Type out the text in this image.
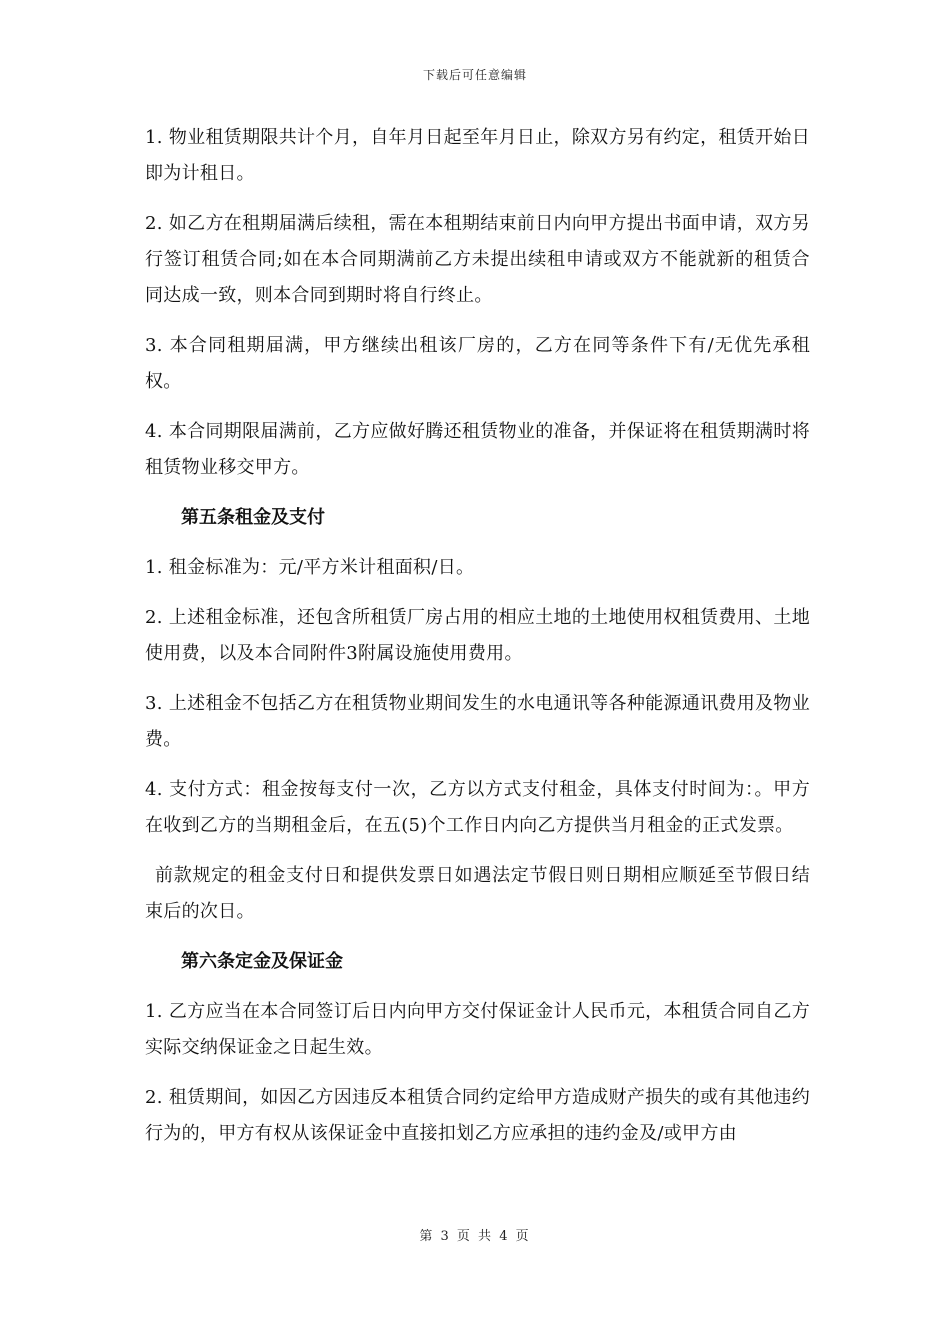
下载后可任意编辑

1. 物业租赁期限共计个月，自年月日起至年月日止，除双方另有约定，租赁开始日即为计租日。

2. 如乙方在租期届满后续租，需在本租期结束前日内向甲方提出书面申请，双方另行签订租赁合同;如在本合同期满前乙方未提出续租申请或双方不能就新的租赁合同达成一致，则本合同到期时将自行终止。

3. 本合同租期届满，甲方继续出租该厂房的，乙方在同等条件下有/无优先承租权。

4. 本合同期限届满前，乙方应做好腾还租赁物业的准备，并保证将在租赁期满时将租赁物业移交甲方。

第五条租金及支付

1. 租金标准为：元/平方米计租面积/日。

2. 上述租金标准，还包含所租赁厂房占用的相应土地的土地使用权租赁费用、土地使用费，以及本合同附件3附属设施使用费用。

3. 上述租金不包括乙方在租赁物业期间发生的水电通讯等各种能源通讯费用及物业费。

4. 支付方式：租金按每支付一次，乙方以方式支付租金，具体支付时间为：。甲方在收到乙方的当期租金后，在五(5)个工作日内向乙方提供当月租金的正式发票。

前款规定的租金支付日和提供发票日如遇法定节假日则日期相应顺延至节假日结束后的次日。

第六条定金及保证金

1. 乙方应当在本合同签订后日内向甲方交付保证金计人民币元，本租赁合同自乙方实际交纳保证金之日起生效。

2. 租赁期间，如因乙方因违反本租赁合同约定给甲方造成财产损失的或有其他违约行为的，甲方有权从该保证金中直接扣划乙方应承担的违约金及/或甲方由

第 3 页 共 4 页
